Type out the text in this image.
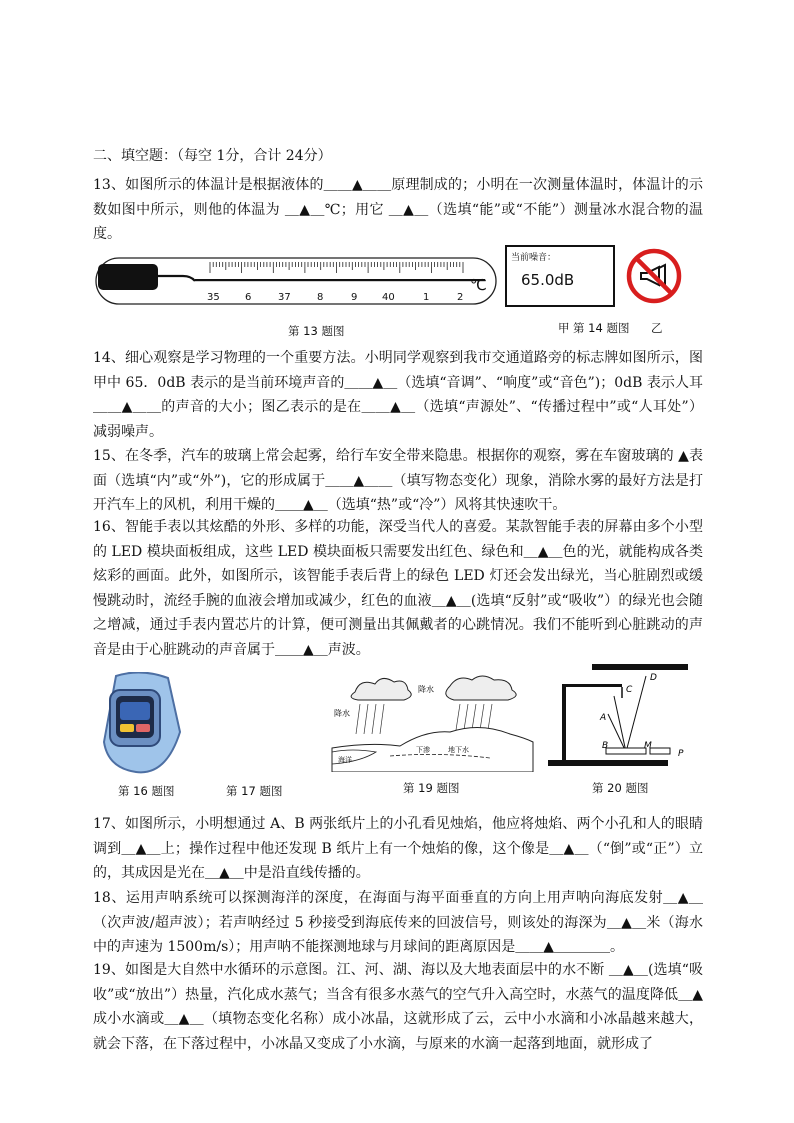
二、填空题：（每空 1分，合计 24分）
13、如图所示的体温计是根据液体的＿＿▲＿＿原理制成的；小明在一次测量体温时，体温计的示数如图中所示，则他的体温为 ＿▲＿℃；用它 ＿▲＿（选填“能”或“不能”）测量冰水混合物的温度。
35	6	37	8	9 40	1	2
℃
第 13 题图
当前噪音：
65.0dB
甲 第 14 题图 乙
14、细心观察是学习物理的一个重要方法。小明同学观察到我市交通道路旁的标志牌如图所示，图甲中 65．0dB 表示的是当前环境声音的＿＿▲＿（选填“音调”、“响度”或“音色”)；0dB 表示人耳＿＿▲＿＿的声音的大小；图乙表示的是在＿＿▲＿（选填“声源处”、“传播过程中”或“人耳处”）减弱噪声。
15、在冬季，汽车的玻璃上常会起雾，给行车安全带来隐患。根据你的观察，雾在车窗玻璃的 ▲表面（选填“内”或“外”)，它的形成属于＿＿▲＿＿（填写物态变化）现象，消除水雾的最好方法是打开汽车上的风机，利用干燥的＿＿▲＿（选填“热”或“冷”）风将其快速吹干。
16、智能手表以其炫酷的外形、多样的功能，深受当代人的喜爱。某款智能手表的屏幕由多个小型的 LED 模块面板组成，这些 LED 模块面板只需要发出红色、绿色和＿▲＿色的光，就能构成各类炫彩的画面。此外，如图所示，该智能手表后背上的绿色 LED 灯还会发出绿光，当心脏剧烈或缓慢跳动时，流经手腕的血液会增加或减少，红色的血液＿▲＿(选填“反射”或“吸收”）的绿光也会随之增减，通过手表内置芯片的计算，便可测量出其佩戴者的心跳情况。我们不能听到心脏跳动的声音是由于心脏跳动的声音属于＿＿▲＿声波。
第 16 题图	第 17 题图
降水
降水
海洋
下渗	地下水
第 19 题图
D
C
A
B	M
P
第 20 题图
17、如图所示，小明想通过 A、B 两张纸片上的小孔看见烛焰，他应将烛焰、两个小孔和人的眼睛调到＿▲＿上；操作过程中他还发现 B 纸片上有一个烛焰的像，这个像是＿▲＿（“倒”或“正”）立的，其成因是光在＿▲＿中是沿直线传播的。
18、运用声呐系统可以探测海洋的深度，在海面与海平面垂直的方向上用声呐向海底发射＿▲＿（次声波/超声波）；若声呐经过 5 秒接受到海底传来的回波信号，则该处的海深为＿▲＿米（海水中的声速为 1500m/s）；用声呐不能探测地球与月球间的距离原因是＿＿▲＿＿＿＿。
19、如图是大自然中水循环的示意图。江、河、湖、海以及大地表面层中的水不断 ＿▲＿(选填“吸收”或“放出”）热量，汽化成水蒸气；当含有很多水蒸气的空气升入高空时，水蒸气的温度降低＿▲成小水滴或＿▲＿（填物态变化名称）成小冰晶，这就形成了云，云中小水滴和小冰晶越来越大，就会下落，在下落过程中，小冰晶又变成了小水滴，与原来的水滴一起落到地面，就形成了
